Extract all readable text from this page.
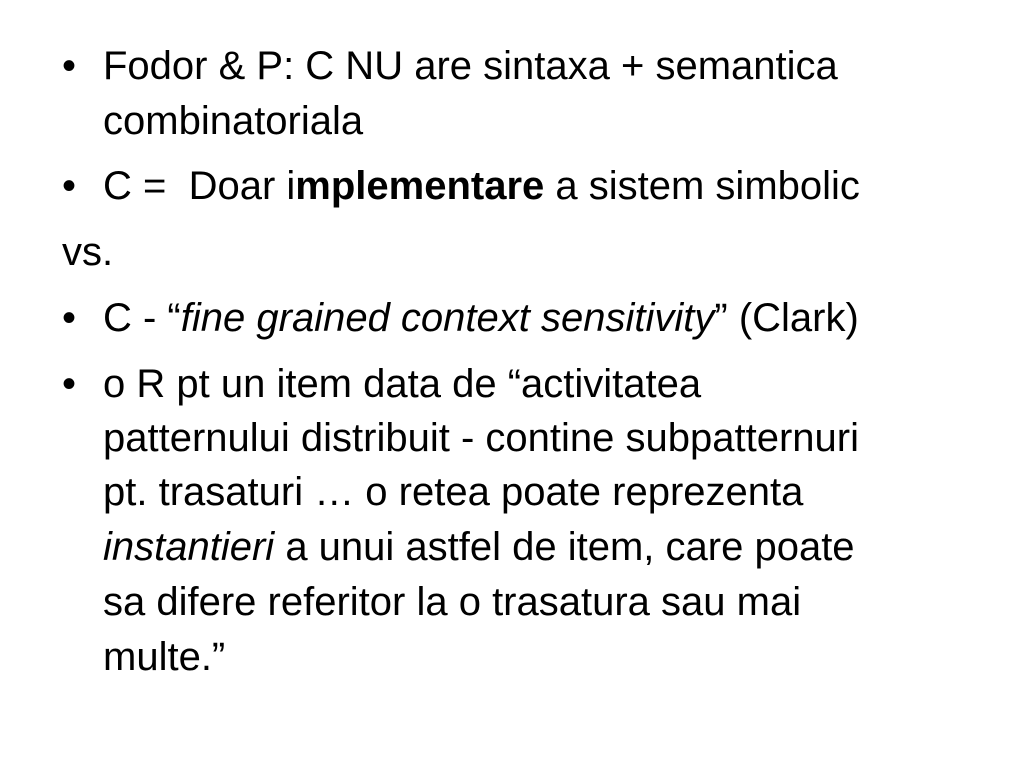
• Fodor & P: C NU are sintaxa + semantica
combinatoriala
• C =  Doar implementare a sistem simbolic
vs.
• C - “fine grained context sensitivity” (Clark)
• o R pt un item data de “activitatea
patternului distribuit - contine subpatternuri
pt. trasaturi … o retea poate reprezenta
instantieri a unui astfel de item, care poate
sa difere referitor la o trasatura sau mai
multe.”
